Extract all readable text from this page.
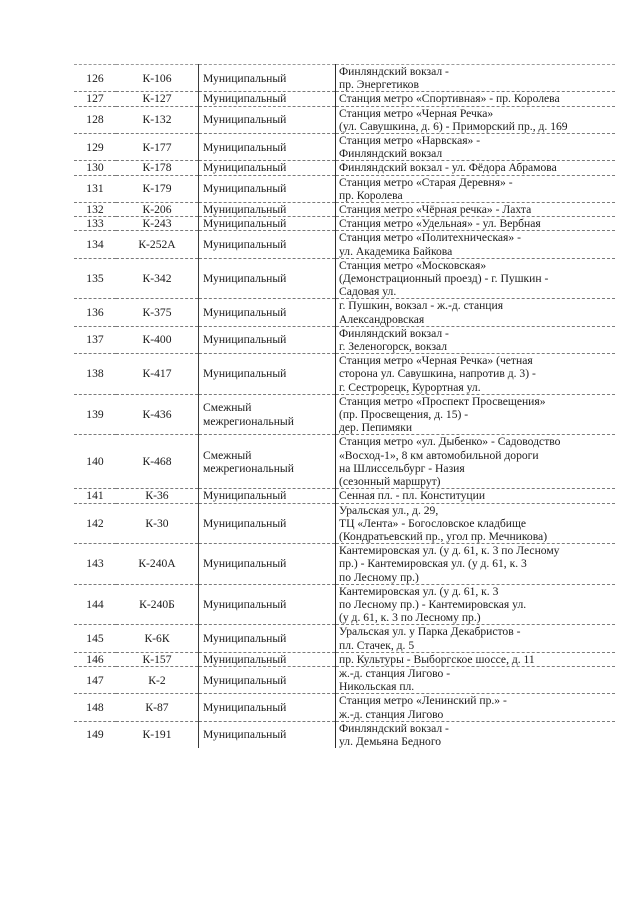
126	К-106	Муниципальный	Финляндский вокзал -
пр. Энергетиков

127	К-127	Муниципальный	Станция метро «Спортивная» - пр. Королева

128	К-132	Муниципальный	Станция метро «Черная Речка»
(ул. Савушкина, д. 6) - Приморский пр., д. 169

129	К-177	Муниципальный	Станция метро «Нарвская» -
Финляндский вокзал

130	К-178	Муниципальный	Финляндский вокзал - ул. Фёдора Абрамова

131	К-179	Муниципальный	Станция метро «Старая Деревня» -
пр. Королева

132	К-206	Муниципальный	Станция метро «Чёрная речка» - Лахта

133	К-243	Муниципальный	Станция метро «Удельная» - ул. Вербная

134	К-252А	Муниципальный	Станция метро «Политехническая» -
ул. Академика Байкова

135	К-342	Муниципальный	Станция метро «Московская»
(Демонстрационный проезд) - г. Пушкин -
Садовая ул.

136	К-375	Муниципальный	г. Пушкин, вокзал - ж.-д. станция
Александровская

137	К-400	Муниципальный	Финляндский вокзал -
г. Зеленогорск, вокзал

138	К-417	Муниципальный	Станция метро «Черная Речка» (четная
сторона ул. Савушкина, напротив д. 3) -
г. Сестрорецк, Курортная ул.

139	К-436	Смежный
межрегиональный	Станция метро «Проспект Просвещения»
(пр. Просвещения, д. 15) -
дер. Пепимяки

140	К-468	Смежный
межрегиональный	Станция метро «ул. Дыбенко» - Садоводство
«Восход-1», 8 км автомобильной дороги
на Шлиссельбург - Назия
(сезонный маршрут)

141	К-36	Муниципальный	Сенная пл. - пл. Конституции

142	К-30	Муниципальный	Уральская ул., д. 29,
ТЦ «Лента» - Богословское кладбище
(Кондратьевский пр., угол пр. Мечникова)

143	К-240А	Муниципальный	Кантемировская ул. (у д. 61, к. 3 по Лесному
пр.) - Кантемировская ул. (у д. 61, к. 3
по Лесному пр.)

144	К-240Б	Муниципальный	Кантемировская ул. (у д. 61, к. 3
по Лесному пр.) - Кантемировская ул.
(у д. 61, к. 3 по Лесному пр.)

145	К-6К	Муниципальный	Уральская ул. у Парка Декабристов -
пл. Стачек, д. 5

146	К-157	Муниципальный	пр. Культуры - Выборгское шоссе, д. 11

147	К-2	Муниципальный	ж.-д. станция Лигово -
Никольская пл.

148	К-87	Муниципальный	Станция метро «Ленинский пр.» -
ж.-д. станция Лигово

149	К-191	Муниципальный	Финляндский вокзал -
ул. Демьяна Бедного
